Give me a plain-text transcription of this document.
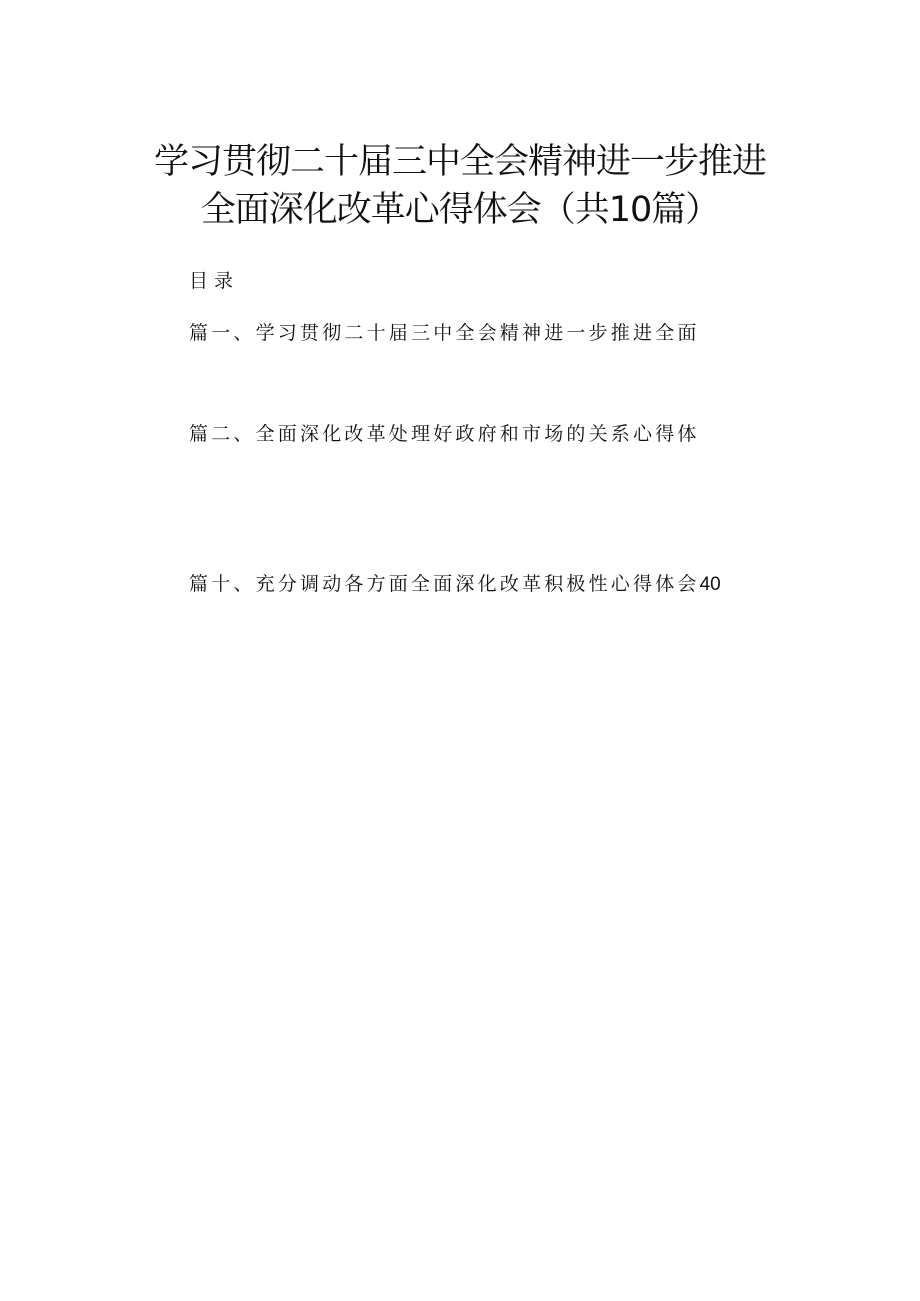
学习贯彻二十届三中全会精神进一步推进
全面深化改革心得体会（共10篇）
目录
篇一、学习贯彻二十届三中全会精神进一步推进全面
篇二、全面深化改革处理好政府和市场的关系心得体
篇十、充分调动各方面全面深化改革积极性心得体会40
